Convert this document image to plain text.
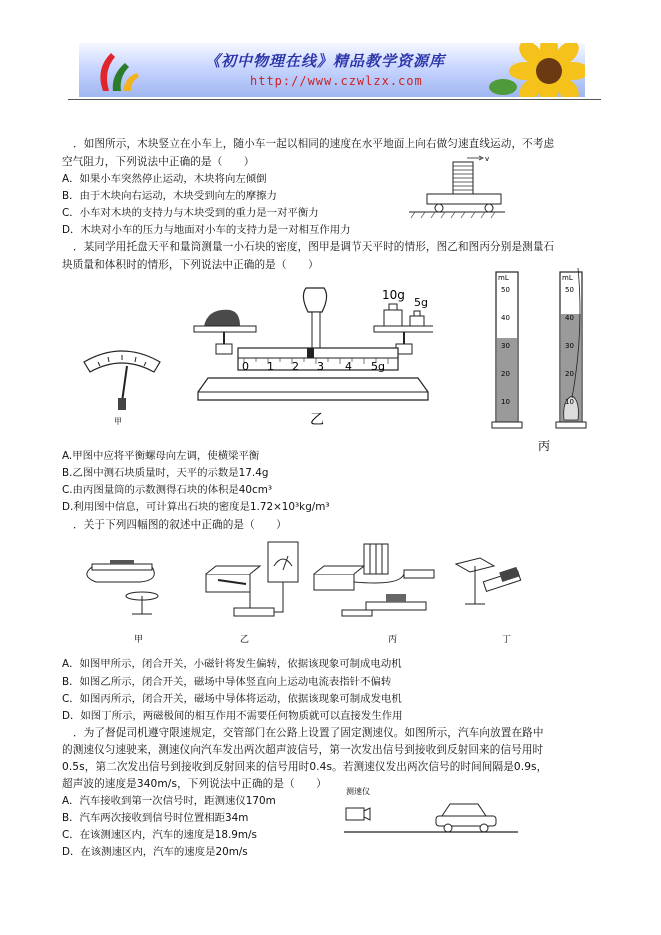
《初中物理在线》精品教学资源库
http://www.czwlzx.com
．如图所示，木块竖立在小车上，随小车一起以相同的速度在水平地面上向右做匀速直线运动，不考虑
空气阻力，下列说法中正确的是（　　）
A．如果小车突然停止运动，木块将向左倾倒
B．由于木块向右运动，木块受到向左的摩擦力
C．小车对木块的支持力与木块受到的重力是一对平衡力
D．木块对小车的压力与地面对小车的支持力是一对相互作用力
v
．某同学用托盘天平和量筒测量一小石块的密度，图甲是调节天平时的情形，图乙和图丙分别是测量石
块质量和体积时的情形，下列说法中正确的是（　　）
甲
10g
5g
0 1 2 3 4 5g
乙
mL
50
40
30
20
10
mL
50
40
30
20
10
丙
A.甲图中应将平衡螺母向左调，使横梁平衡
B.乙图中测石块质量时，天平的示数是17.4g
C.由丙图量筒的示数测得石块的体积是40cm³
D.利用图中信息，可计算出石块的密度是1.72×10³kg/m³
．关于下列四幅图的叙述中正确的是（　　）
甲	乙	丙	丁
A．如图甲所示，闭合开关，小磁针将发生偏转，依据该现象可制成电动机
B．如图乙所示，闭合开关，磁场中导体竖直向上运动电流表指针不偏转
C．如图丙所示，闭合开关，磁场中导体将运动，依据该现象可制成发电机
D．如图丁所示，两磁极间的相互作用不需要任何物质就可以直接发生作用
．为了督促司机遵守限速规定，交管部门在公路上设置了固定测速仪。如图所示，汽车向放置在路中
的测速仪匀速驶来，测速仪向汽车发出两次超声波信号，第一次发出信号到接收到反射回来的信号用时
0.5s，第二次发出信号到接收到反射回来的信号用时0.4s。若测速仪发出两次信号的时间间隔是0.9s，
超声波的速度是340m/s，下列说法中正确的是（　　）
测速仪
A．汽车接收到第一次信号时，距测速仪170m
B．汽车两次接收到信号时位置相距34m
C．在该测速区内，汽车的速度是18.9m/s
D．在该测速区内，汽车的速度是20m/s
